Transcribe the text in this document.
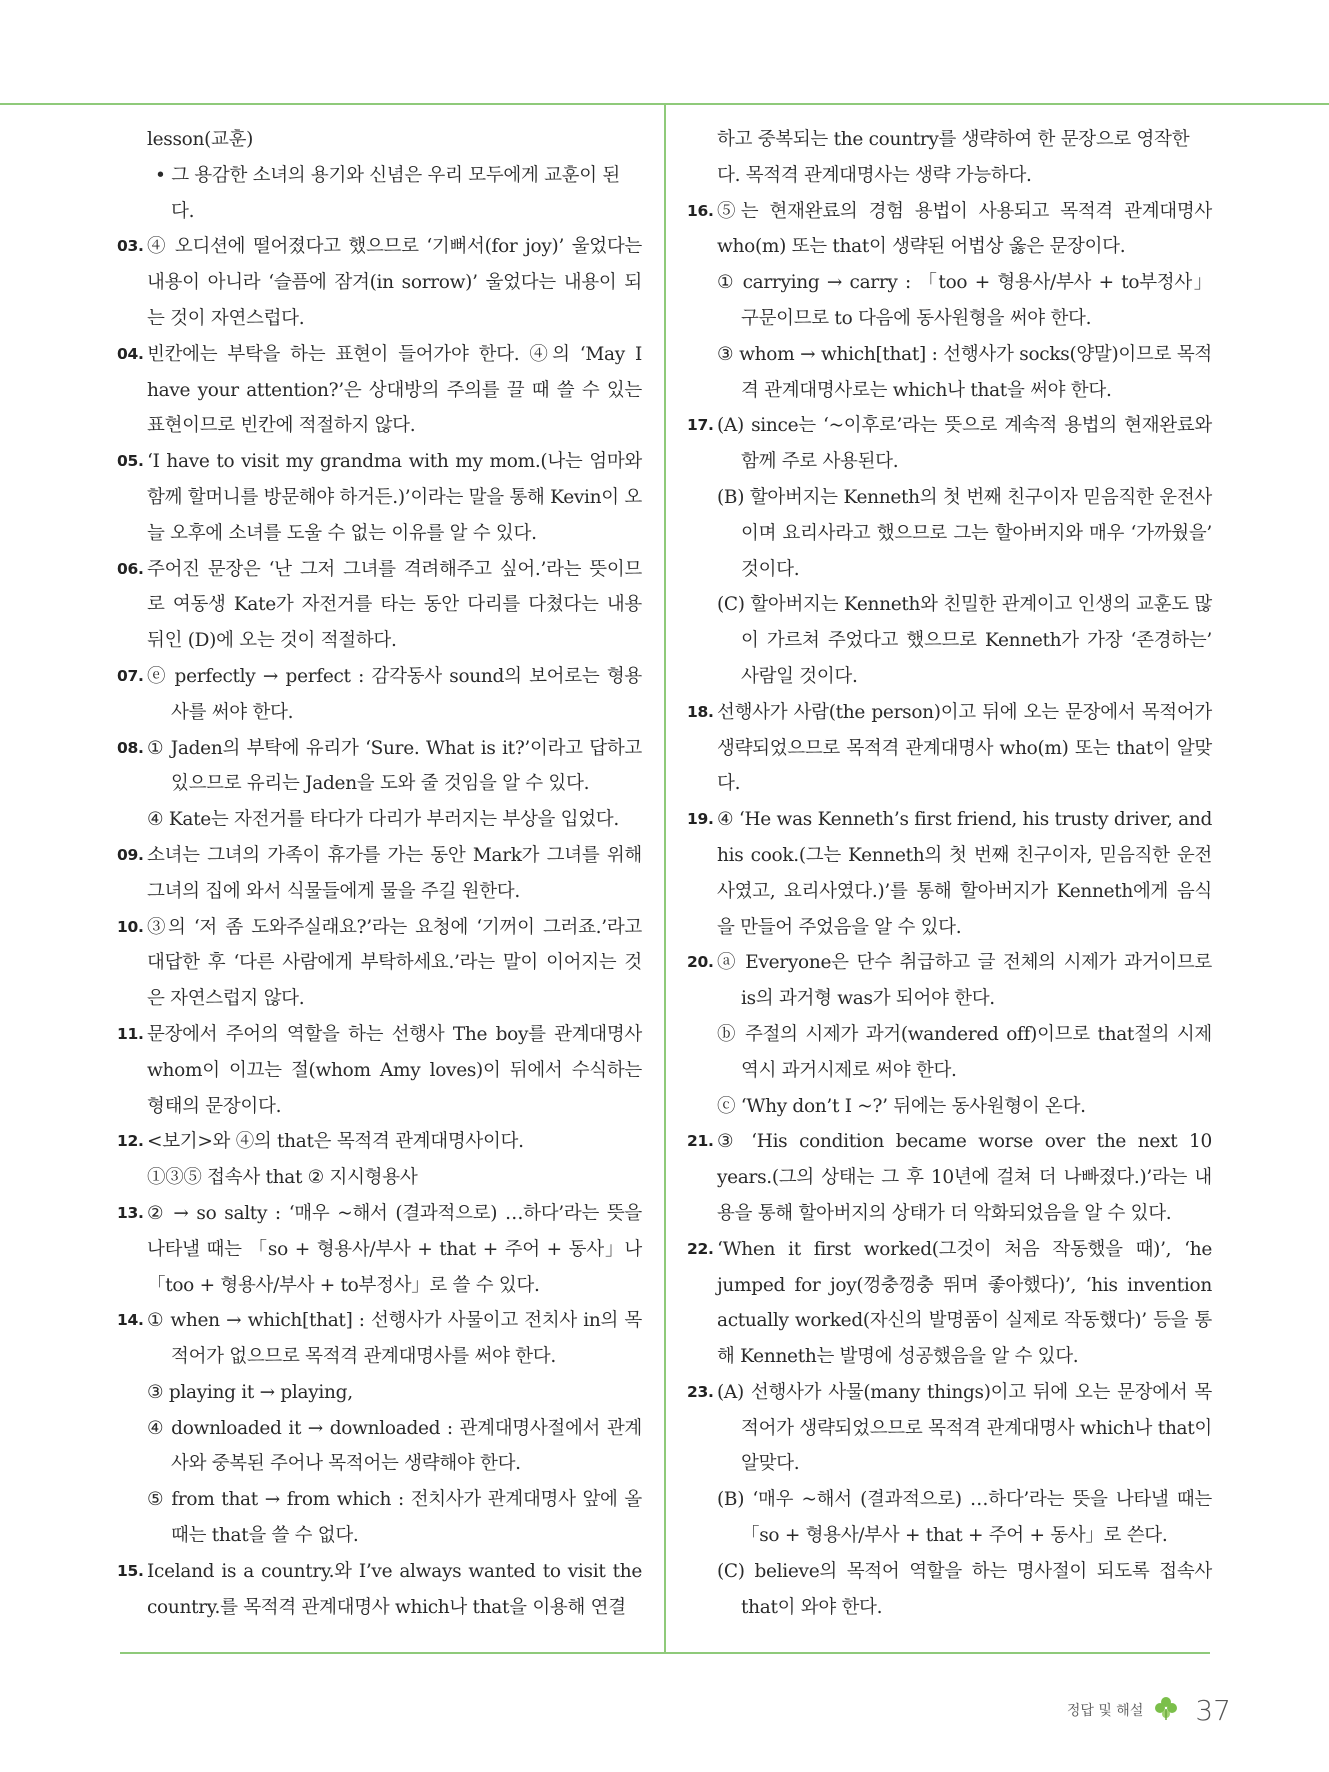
lesson(교훈)
• 그 용감한 소녀의 용기와 신념은 우리 모두에게 교훈이 된다.
03. ④ 오디션에 떨어졌다고 했으므로 ‘기뻐서(for joy)’ 울었다는 내용이 아니라 ‘슬픔에 잠겨(in sorrow)’ 울었다는 내용이 되는 것이 자연스럽다.
04. 빈칸에는 부탁을 하는 표현이 들어가야 한다. ④의 ‘May I have your attention?’은 상대방의 주의를 끌 때 쓸 수 있는 표현이므로 빈칸에 적절하지 않다.
05. ‘I have to visit my grandma with my mom.(나는 엄마와 함께 할머니를 방문해야 하거든.)’이라는 말을 통해 Kevin이 오늘 오후에 소녀를 도울 수 없는 이유를 알 수 있다.
06. 주어진 문장은 ‘난 그저 그녀를 격려해주고 싶어.’라는 뜻이므로 여동생 Kate가 자전거를 타는 동안 다리를 다쳤다는 내용 뒤인 (D)에 오는 것이 적절하다.
07. ⓔ perfectly → perfect : 감각동사 sound의 보어로는 형용사를 써야 한다.
08. ① Jaden의 부탁에 유리가 ‘Sure. What is it?’이라고 답하고 있으므로 유리는 Jaden을 도와 줄 것임을 알 수 있다.
④ Kate는 자전거를 타다가 다리가 부러지는 부상을 입었다.
09. 소녀는 그녀의 가족이 휴가를 가는 동안 Mark가 그녀를 위해 그녀의 집에 와서 식물들에게 물을 주길 원한다.
10. ③의 ‘저 좀 도와주실래요?’라는 요청에 ‘기꺼이 그러죠.’라고 대답한 후 ‘다른 사람에게 부탁하세요.’라는 말이 이어지는 것은 자연스럽지 않다.
11. 문장에서 주어의 역할을 하는 선행사 The boy를 관계대명사 whom이 이끄는 절(whom Amy loves)이 뒤에서 수식하는 형태의 문장이다.
12. <보기>와 ④의 that은 목적격 관계대명사이다.
①③⑤ 접속사 that ② 지시형용사
13. ② → so salty : ‘매우 ~해서 (결과적으로) …하다’라는 뜻을 나타낼 때는 「so + 형용사/부사 + that + 주어 + 동사」나 「too + 형용사/부사 + to부정사」로 쓸 수 있다.
14. ① when → which[that] : 선행사가 사물이고 전치사 in의 목적어가 없으므로 목적격 관계대명사를 써야 한다.
③ playing it → playing,
④ downloaded it → downloaded : 관계대명사절에서 관계사와 중복된 주어나 목적어는 생략해야 한다.
⑤ from that → from which : 전치사가 관계대명사 앞에 올 때는 that을 쓸 수 없다.
15. Iceland is a country.와 I’ve always wanted to visit the country.를 목적격 관계대명사 which나 that을 이용해 연결
하고 중복되는 the country를 생략하여 한 문장으로 영작한다. 목적격 관계대명사는 생략 가능하다.
16. ⑤는 현재완료의 경험 용법이 사용되고 목적격 관계대명사 who(m) 또는 that이 생략된 어법상 옳은 문장이다.
① carrying → carry : 「too + 형용사/부사 + to부정사」 구문이므로 to 다음에 동사원형을 써야 한다.
③ whom → which[that] : 선행사가 socks(양말)이므로 목적격 관계대명사로는 which나 that을 써야 한다.
17. (A) since는 ‘~이후로’라는 뜻으로 계속적 용법의 현재완료와 함께 주로 사용된다.
(B) 할아버지는 Kenneth의 첫 번째 친구이자 믿음직한 운전사이며 요리사라고 했으므로 그는 할아버지와 매우 ‘가까웠을’ 것이다.
(C) 할아버지는 Kenneth와 친밀한 관계이고 인생의 교훈도 많이 가르쳐 주었다고 했으므로 Kenneth가 가장 ‘존경하는’ 사람일 것이다.
18. 선행사가 사람(the person)이고 뒤에 오는 문장에서 목적어가 생략되었으므로 목적격 관계대명사 who(m) 또는 that이 알맞다.
19. ④ ‘He was Kenneth’s first friend, his trusty driver, and his cook.(그는 Kenneth의 첫 번째 친구이자, 믿음직한 운전사였고, 요리사였다.)’를 통해 할아버지가 Kenneth에게 음식을 만들어 주었음을 알 수 있다.
20. ⓐ Everyone은 단수 취급하고 글 전체의 시제가 과거이므로 is의 과거형 was가 되어야 한다.
ⓑ 주절의 시제가 과거(wandered off)이므로 that절의 시제 역시 과거시제로 써야 한다.
ⓒ ‘Why don’t I ~?’ 뒤에는 동사원형이 온다.
21. ③ ‘His condition became worse over the next 10 years.(그의 상태는 그 후 10년에 걸쳐 더 나빠졌다.)’라는 내용을 통해 할아버지의 상태가 더 악화되었음을 알 수 있다.
22. ‘When it first worked(그것이 처음 작동했을 때)’, ‘he jumped for joy(껑충껑충 뛰며 좋아했다)’, ‘his invention actually worked(자신의 발명품이 실제로 작동했다)’ 등을 통해 Kenneth는 발명에 성공했음을 알 수 있다.
23. (A) 선행사가 사물(many things)이고 뒤에 오는 문장에서 목적어가 생략되었으므로 목적격 관계대명사 which나 that이 알맞다.
(B) ‘매우 ~해서 (결과적으로) …하다’라는 뜻을 나타낼 때는 「so + 형용사/부사 + that + 주어 + 동사」로 쓴다.
(C) believe의 목적어 역할을 하는 명사절이 되도록 접속사 that이 와야 한다.
정답 및 해설 37
